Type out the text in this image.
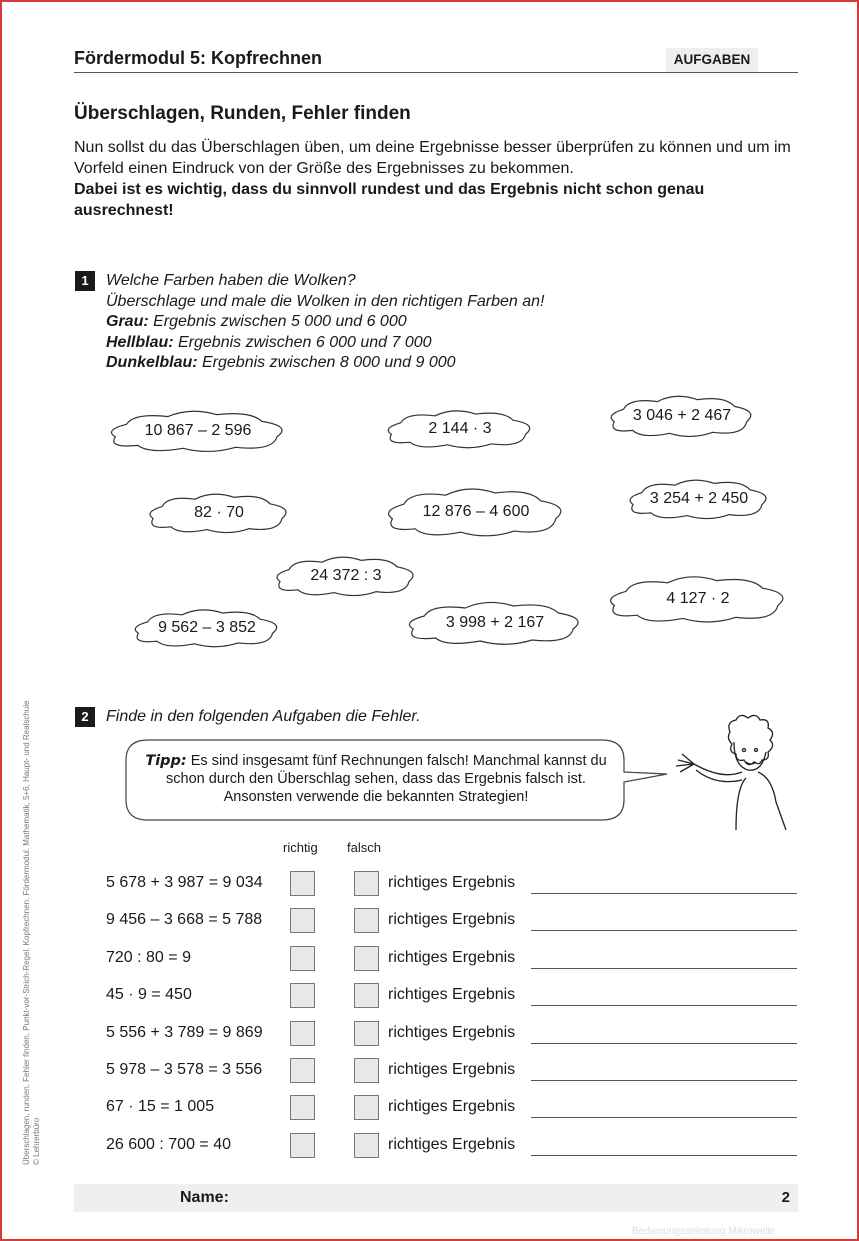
Fördermodul 5: Kopfrechnen	AUFGABEN
Überschlagen, Runden, Fehler finden
Nun sollst du das Überschlagen üben, um deine Ergebnisse besser überprüfen zu können und um im Vorfeld einen Eindruck von der Größe des Ergebnisses zu bekommen.
Dabei ist es wichtig, dass du sinnvoll rundest und das Ergebnis nicht schon genau ausrechnest!
1	Welche Farben haben die Wolken?
Überschlage und male die Wolken in den richtigen Farben an!
Grau: Ergebnis zwischen 5 000 und 6 000
Hellblau: Ergebnis zwischen 6 000 und 7 000
Dunkelblau: Ergebnis zwischen 8 000 und 9 000
10 867 – 2 596	2 144 · 3
3 046 + 2 467
82 · 70	12 876 – 4 600
3 254 + 2 450
24 372 : 3
9 562 – 3 852	3 998 + 2 167
4 127 · 2
2	Finde in den folgenden Aufgaben die Fehler.
Tipp: Es sind insgesamt fünf Rechnungen falsch! Manchmal kannst du schon durch den Überschlag sehen, dass das Ergebnis falsch ist. Ansonsten verwende die bekannten Strategien!
richtig falsch
5 678 + 3 987 = 9 034	richtiges Ergebnis
9 456 – 3 668 = 5 788	richtiges Ergebnis
720 : 80 = 9	richtiges Ergebnis
45 · 9 = 450	richtiges Ergebnis
5 556 + 3 789 = 9 869	richtiges Ergebnis
5 978 – 3 578 = 3 556	richtiges Ergebnis
67 · 15 = 1 005	richtiges Ergebnis
26 600 : 700 = 40	richtiges Ergebnis
Name:	2
Überschlagen, runden, Fehler finden, Punkt-vor-Strich-Regel. Kopfrechnen. Fördermodul. Mathematik, 5+6, Haupt- und Realschule © Lehrerbüro
Bedienungsanleitung Mikrowelle
